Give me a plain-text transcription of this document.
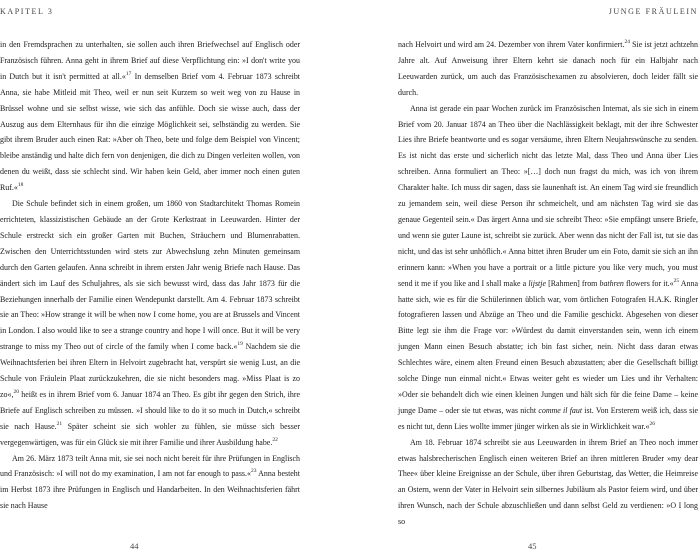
KAPITEL 3

in den Fremdsprachen zu unterhalten, sie sollen auch ihren Briefwechsel auf Englisch oder Französisch führen. Anna geht in ihrem Brief auf diese Verpflichtung ein: »I don't write you in Dutch but it isn't permitted at all.«$^{17}$ In demselben Brief vom 4. Februar 1873 schreibt Anna, sie habe Mitleid mit Theo, weil er nun seit Kurzem so weit weg von zu Hause in Brüssel wohne und sie selbst wisse, wie sich das anfühle. Doch sie wisse auch, dass der Auszug aus dem Elternhaus für ihn die einzige Möglichkeit sei, selbständig zu werden. Sie gibt ihrem Bruder auch einen Rat: »Aber oh Theo, bete und folge dem Beispiel von Vincent; bleibe anständig und halte dich fern von denjenigen, die dich zu Dingen verleiten wollen, von denen du weißt, dass sie schlecht sind. Wir haben kein Geld, aber immer noch einen guten Ruf.«$^{18}$

Die Schule befindet sich in einem großen, um 1860 von Stadtarchitekt Thomas Romein errichteten, klassizistischen Gebäude an der Grote Kerkstraat in Leeuwarden. Hinter der Schule erstreckt sich ein großer Garten mit Buchen, Sträuchern und Blumenrabatten. Zwischen den Unterrichtsstunden wird stets zur Abwechslung zehn Minuten gemeinsam durch den Garten gelaufen. Anna schreibt in ihrem ersten Jahr wenig Briefe nach Hause. Das ändert sich im Lauf des Schuljahres, als sie sich bewusst wird, dass das Jahr 1873 für die Beziehungen innerhalb der Familie einen Wendepunkt darstellt. Am 4. Februar 1873 schreibt sie an Theo: »How strange it will be when now I come home, you are at Brussels and Vincent in London. I also would like to see a strange country and hope I will once. But it will be very strange to miss my Theo out of circle of the family when I come back.«$^{19}$ Nachdem sie die Weihnachtsferien bei ihren Eltern in Helvoirt zugebracht hat, verspürt sie wenig Lust, an die Schule von Fräulein Plaat zurückzukehren, die sie nicht besonders mag. »Miss Plaat is zo zo«,$^{20}$ heißt es in ihrem Brief vom 6. Januar 1874 an Theo. Es gibt ihr gegen den Strich, ihre Briefe auf Englisch schreiben zu müssen. »I should like to do it so much in Dutch,« schreibt sie nach Hause.$^{21}$ Später scheint sie sich wohler zu fühlen, sie müsse sich besser vergegenwärtigen, was für ein Glück sie mit ihrer Familie und ihrer Ausbildung habe.$^{22}$

Am 26. März 1873 teilt Anna mit, sie sei noch nicht bereit für ihre Prüfungen in Englisch und Französisch: »I will not do my examination, I am not far enough to pass.«$^{23}$ Anna besteht im Herbst 1873 ihre Prüfungen in Englisch und Handarbeiten. In den Weihnachtsferien fährt sie nach Hause

44
JUNGE FRÄULEIN

nach Helvoirt und wird am 24. Dezember von ihrem Vater konfirmiert.$^{24}$ Sie ist jetzt achtzehn Jahre alt. Auf Anweisung ihrer Eltern kehrt sie danach noch für ein Halbjahr nach Leeuwarden zurück, um auch das Französischexamen zu absolvieren, doch leider fällt sie durch.

Anna ist gerade ein paar Wochen zurück im Französischen Internat, als sie sich in einem Brief vom 20. Januar 1874 an Theo über die Nachlässigkeit beklagt, mit der ihre Schwester Lies ihre Briefe beantworte und es sogar versäume, ihren Eltern Neujahrswünsche zu senden. Es ist nicht das erste und sicherlich nicht das letzte Mal, dass Theo und Anna über Lies schreiben. Anna formuliert an Theo: »[…] doch nun fragst du mich, was ich von ihrem Charakter halte. Ich muss dir sagen, dass sie launenhaft ist. An einem Tag wird sie freundlich zu jemandem sein, weil diese Person ihr schmeichelt, und am nächsten Tag wird sie das genaue Gegenteil sein.« Das ärgert Anna und sie schreibt Theo: »Sie empfängt unsere Briefe, und wenn sie guter Laune ist, schreibt sie zurück. Aber wenn das nicht der Fall ist, tut sie das nicht, und das ist sehr unhöflich.« Anna bittet ihren Bruder um ein Foto, damit sie sich an ihn erinnern kann: »When you have a portrait or a little picture you like very much, you must send it me if you like and I shall make a lijstje [Rahmen] from bathren flowers for it.«$^{25}$ Anna hatte sich, wie es für die Schülerinnen üblich war, vom örtlichen Fotografen H.A.K. Ringler fotografieren lassen und Abzüge an Theo und die Familie geschickt. Abgesehen von dieser Bitte legt sie ihm die Frage vor: »Würdest du damit einverstanden sein, wenn ich einem jungen Mann einen Besuch abstatte; ich bin fast sicher, nein. Nicht dass daran etwas Schlechtes wäre, einem alten Freund einen Besuch abzustatten; aber die Gesellschaft billigt solche Dinge nun einmal nicht.« Etwas weiter geht es wieder um Lies und ihr Verhalten: »Oder sie behandelt dich wie einen kleinen Jungen und hält sich für die feine Dame – keine junge Dame – oder sie tut etwas, was nicht comme il faut ist. Von Ersterem weiß ich, dass sie es nicht tut, denn Lies wollte immer jünger wirken als sie in Wirklichkeit war.«$^{26}$

Am 18. Februar 1874 schreibt sie aus Leeuwarden in ihrem Brief an Theo noch immer etwas halsbrecherischen Englisch einen weiteren Brief an ihren mittleren Bruder »my dear Thee« über kleine Ereignisse an der Schule, über ihren Geburtstag, das Wetter, die Heimreise an Ostern, wenn der Vater in Helvoirt sein silbernes Jubiläum als Pastor feiern wird, und über ihren Wunsch, nach der Schule abzuschließen und dann selbst Geld zu verdienen: »O I long so

45
